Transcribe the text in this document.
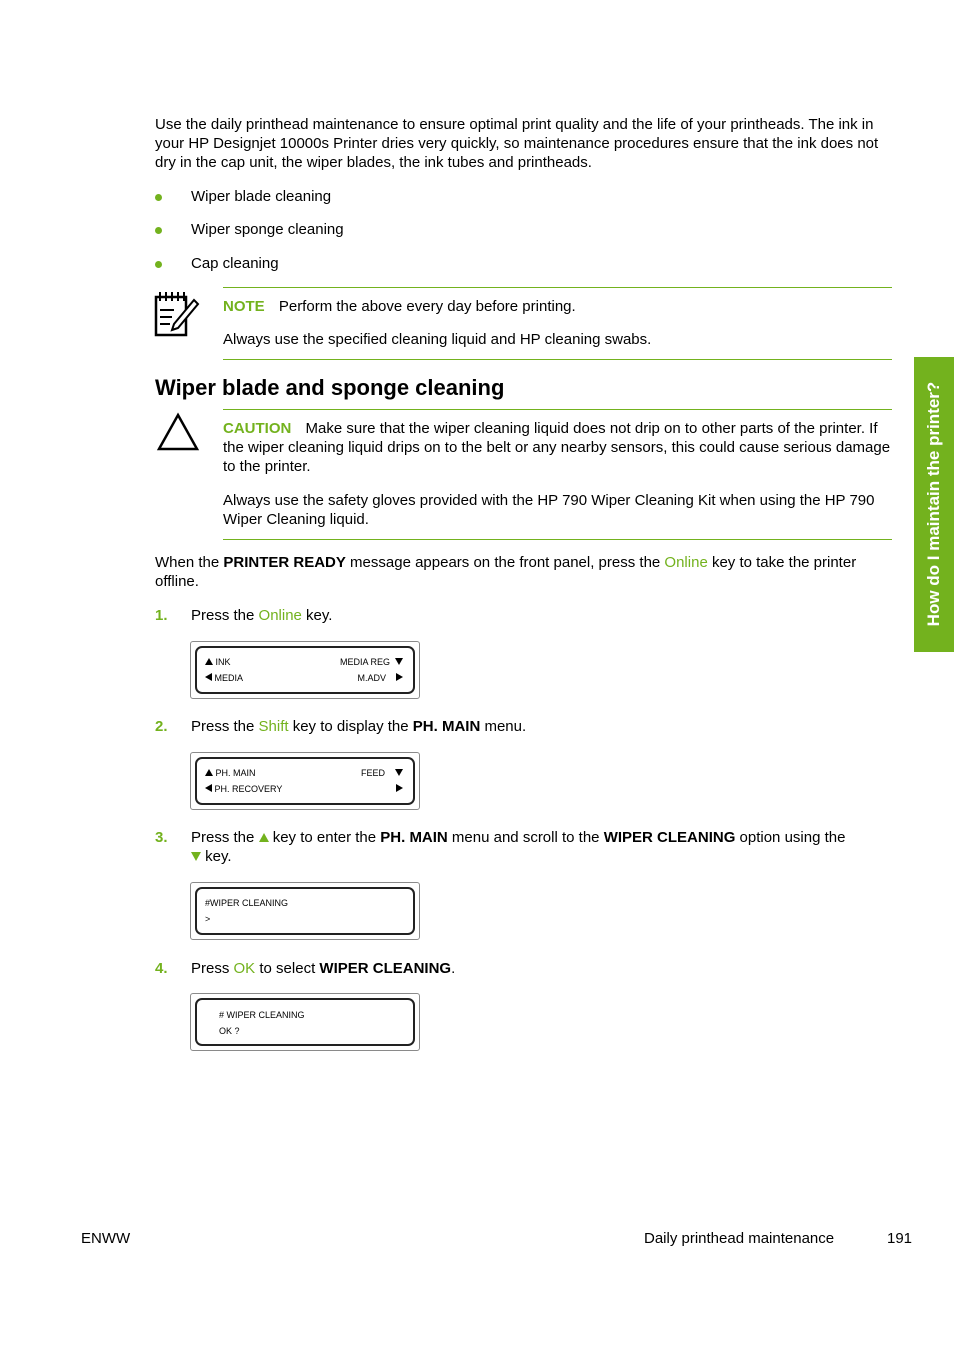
Use the daily printhead maintenance to ensure optimal print quality and the life of your printheads. The ink in your HP Designjet 10000s Printer dries very quickly, so maintenance procedures ensure that the ink does not dry in the cap unit, the wiper blades, the ink tubes and printheads.
Wiper blade cleaning
Wiper sponge cleaning
Cap cleaning
NOTE Perform the above every day before printing.
Always use the specified cleaning liquid and HP cleaning swabs.
Wiper blade and sponge cleaning
CAUTION Make sure that the wiper cleaning liquid does not drip on to other parts of the printer. If the wiper cleaning liquid drips on to the belt or any nearby sensors, this could cause serious damage to the printer.
Always use the safety gloves provided with the HP 790 Wiper Cleaning Kit when using the HP 790 Wiper Cleaning liquid.
When the PRINTER READY message appears on the front panel, press the Online key to take the printer offline.
1. Press the Online key.
INK	MEDIA REG
MEDIA	M.ADV
2. Press the Shift key to display the PH. MAIN menu.
PH. MAIN	FEED
PH. RECOVERY
3. Press the  key to enter the PH. MAIN menu and scroll to the WIPER CLEANING option using the
key.
#WIPER CLEANING
>
4. Press OK to select WIPER CLEANING.
# WIPER CLEANING
OK ?
How do I maintain the printer?
ENWW	Daily printhead maintenance	191
